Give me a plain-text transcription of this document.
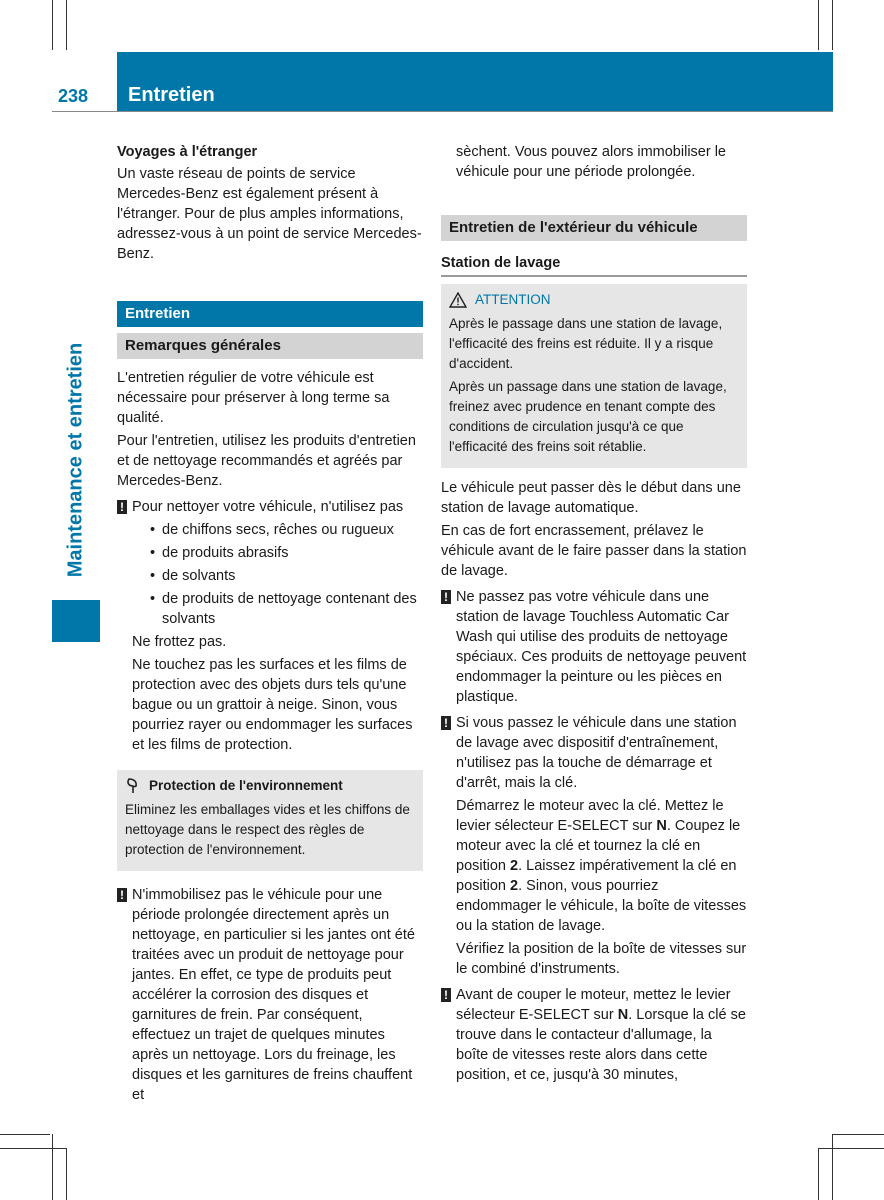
238 Entretien
Maintenance et entretien

Voyages à l'étranger

Un vaste réseau de points de service Mercedes-Benz est également présent à l'étranger. Pour de plus amples informations, adressez-vous à un point de service Mercedes-Benz.

Entretien
Remarques générales

L'entretien régulier de votre véhicule est nécessaire pour préserver à long terme sa qualité.

Pour l'entretien, utilisez les produits d'entretien et de nettoyage recommandés et agréés par Mercedes-Benz.

! Pour nettoyer votre véhicule, n'utilisez pas

• de chiffons secs, rêches ou rugueux
• de produits abrasifs
• de solvants
• de produits de nettoyage contenant des solvants

Ne frottez pas.

Ne touchez pas les surfaces et les films de protection avec des objets durs tels qu'une bague ou un grattoir à neige. Sinon, vous pourriez rayer ou endommager les surfaces et les films de protection.

Protection de l'environnement

Eliminez les emballages vides et les chiffons de nettoyage dans le respect des règles de protection de l'environnement.

! N'immobilisez pas le véhicule pour une période prolongée directement après un nettoyage, en particulier si les jantes ont été traitées avec un produit de nettoyage pour jantes. En effet, ce type de produits peut accélérer la corrosion des disques et garnitures de frein. Par conséquent, effectuez un trajet de quelques minutes après un nettoyage. Lors du freinage, les disques et les garnitures de freins chauffent et

sèchent. Vous pouvez alors immobiliser le véhicule pour une période prolongée.

Entretien de l'extérieur du véhicule

Station de lavage

ATTENTION

Après le passage dans une station de lavage, l'efficacité des freins est réduite. Il y a risque d'accident.

Après un passage dans une station de lavage, freinez avec prudence en tenant compte des conditions de circulation jusqu'à ce que l'efficacité des freins soit rétablie.

Le véhicule peut passer dès le début dans une station de lavage automatique.

En cas de fort encrassement, prélavez le véhicule avant de le faire passer dans la station de lavage.

! Ne passez pas votre véhicule dans une station de lavage Touchless Automatic Car Wash qui utilise des produits de nettoyage spéciaux. Ces produits de nettoyage peuvent endommager la peinture ou les pièces en plastique.

! Si vous passez le véhicule dans une station de lavage avec dispositif d'entraînement, n'utilisez pas la touche de démarrage et d'arrêt, mais la clé.

Démarrez le moteur avec la clé. Mettez le levier sélecteur E-SELECT sur N. Coupez le moteur avec la clé et tournez la clé en position 2. Laissez impérativement la clé en position 2. Sinon, vous pourriez endommager le véhicule, la boîte de vitesses ou la station de lavage.

Vérifiez la position de la boîte de vitesses sur le combiné d'instruments.

! Avant de couper le moteur, mettez le levier sélecteur E-SELECT sur N. Lorsque la clé se trouve dans le contacteur d'allumage, la boîte de vitesses reste alors dans cette position, et ce, jusqu'à 30 minutes,
